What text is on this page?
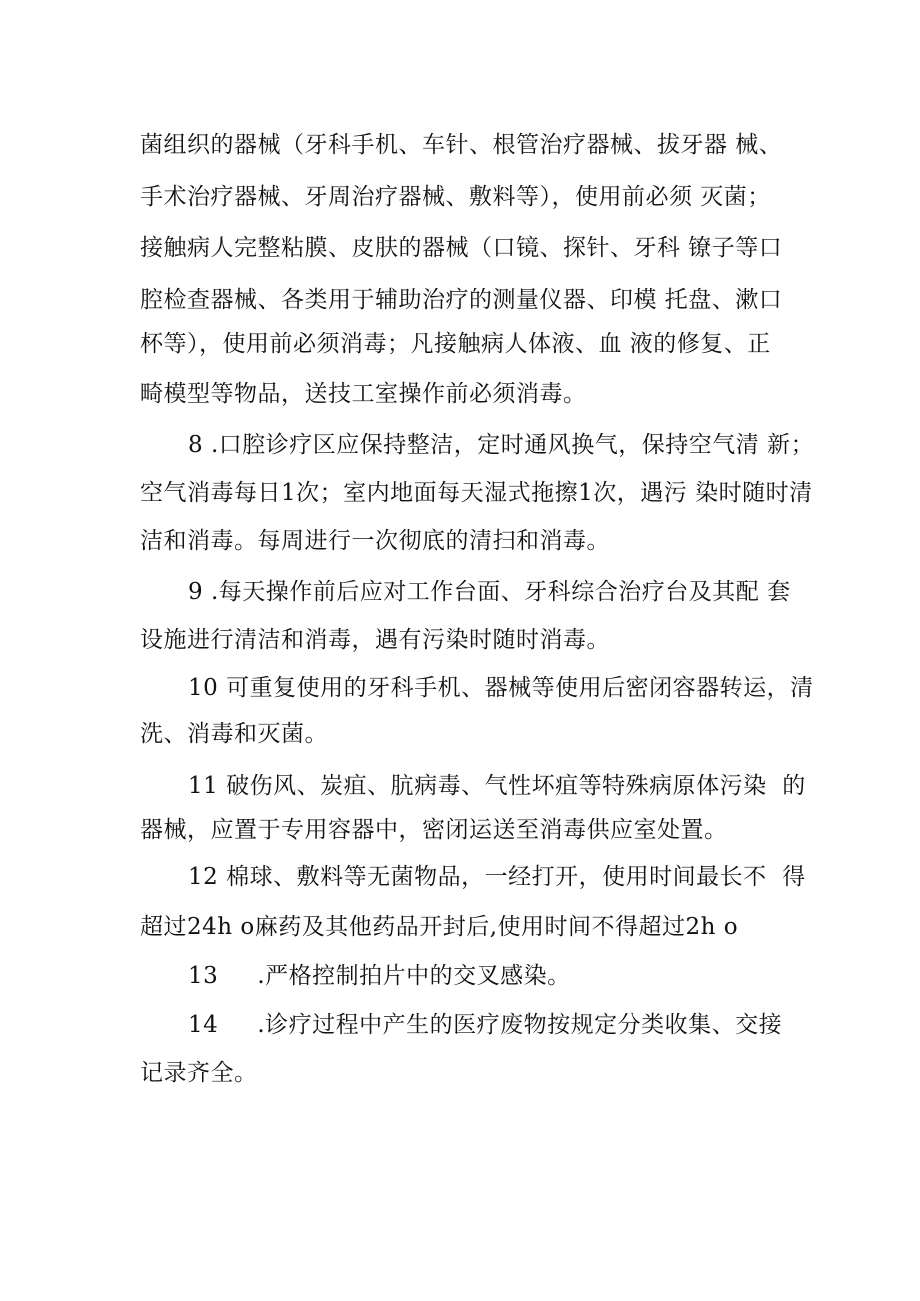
菌组织的器械（牙科手机、车针、根管治疗器械、拔牙器 械、
手术治疗器械、牙周治疗器械、敷料等），使用前必须 灭菌；
接触病人完整粘膜、皮肤的器械（口镜、探针、牙科 镣子等口
腔检查器械、各类用于辅助治疗的测量仪器、印模 托盘、漱口
杯等），使用前必须消毒；凡接触病人体液、血 液的修复、正
畸模型等物品，送技工室操作前必须消毒。
8 .口腔诊疗区应保持整洁，定时通风换气，保持空气清 新；
空气消毒每日1次；室内地面每天湿式拖擦1次，遇污 染时随时清
洁和消毒。每周进行一次彻底的清扫和消毒。
9 .每天操作前后应对工作台面、牙科综合治疗台及其配 套
设施进行清洁和消毒，遇有污染时随时消毒。
10 可重复使用的牙科手机、器械等使用后密闭容器转运，清
洗、消毒和灭菌。
11 破伤风、炭疽、肮病毒、气性坏疽等特殊病原体污染  的
器械，应置于专用容器中，密闭运送至消毒供应室处置。
12 棉球、敷料等无菌物品，一经打开，使用时间最长不  得
超过24h o麻药及其他药品开封后,使用时间不得超过2h o
13     .严格控制拍片中的交叉感染。
14     .诊疗过程中产生的医疗废物按规定分类收集、交接
记录齐全。
